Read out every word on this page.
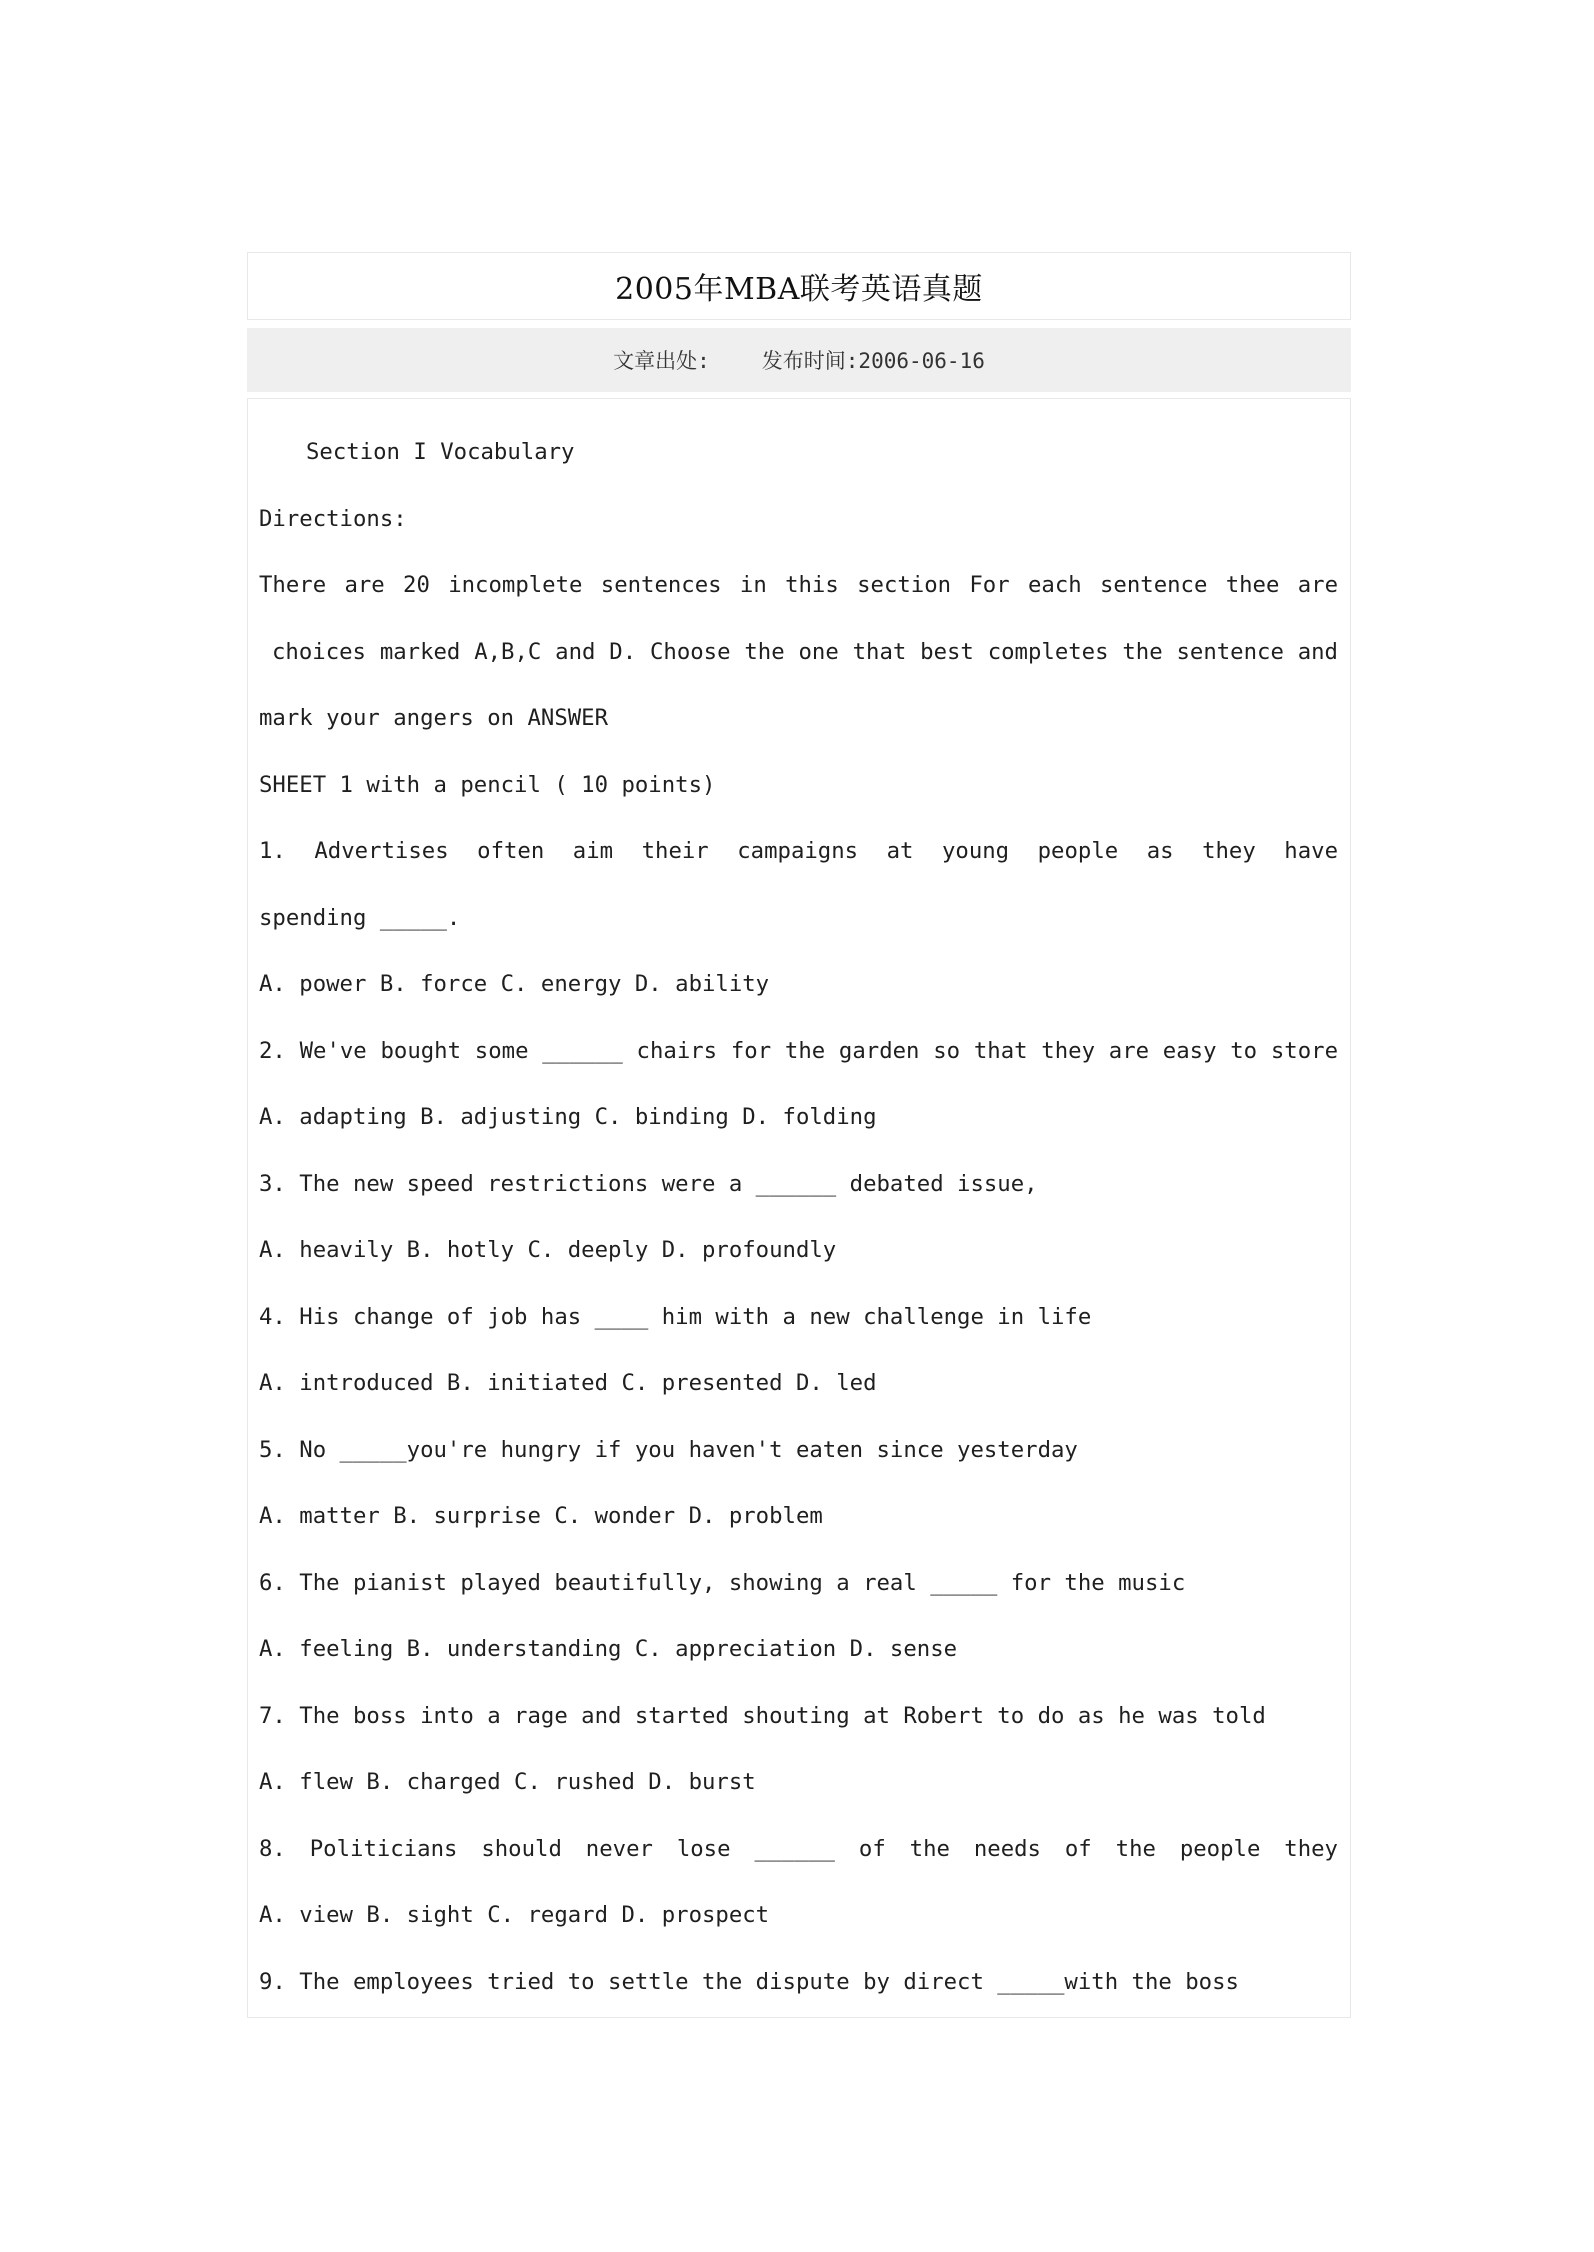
2005年MBA联考英语真题
文章出处: 发布时间:2006-06-16
Section I Vocabulary
Directions:
There are 20 incomplete sentences in this section For each sentence thee are
choices marked A,B,C and D. Choose the one that best completes the sentence and
mark your angers on ANSWER
SHEET 1 with a pencil ( 10 points)
1. Advertises often aim their campaigns at young people as they have
spending _____.
A. power B. force C. energy D. ability
2. We've bought some ______ chairs for the garden so that they are easy to store
A. adapting B. adjusting C. binding D. folding
3. The new speed restrictions were a ______ debated issue,
A. heavily B. hotly C. deeply D. profoundly
4. His change of job has ____ him with a new challenge in life
A. introduced B. initiated C. presented D. led
5. No _____you're hungry if you haven't eaten since yesterday
A. matter B. surprise C. wonder D. problem
6. The pianist played beautifully, showing a real _____ for the music
A. feeling B. understanding C. appreciation D. sense
7. The boss into a rage and started shouting at Robert to do as he was told
A. flew B. charged C. rushed D. burst
8. Politicians should never lose ______ of the needs of the people they
A. view B. sight C. regard D. prospect
9. The employees tried to settle the dispute by direct _____with the boss
